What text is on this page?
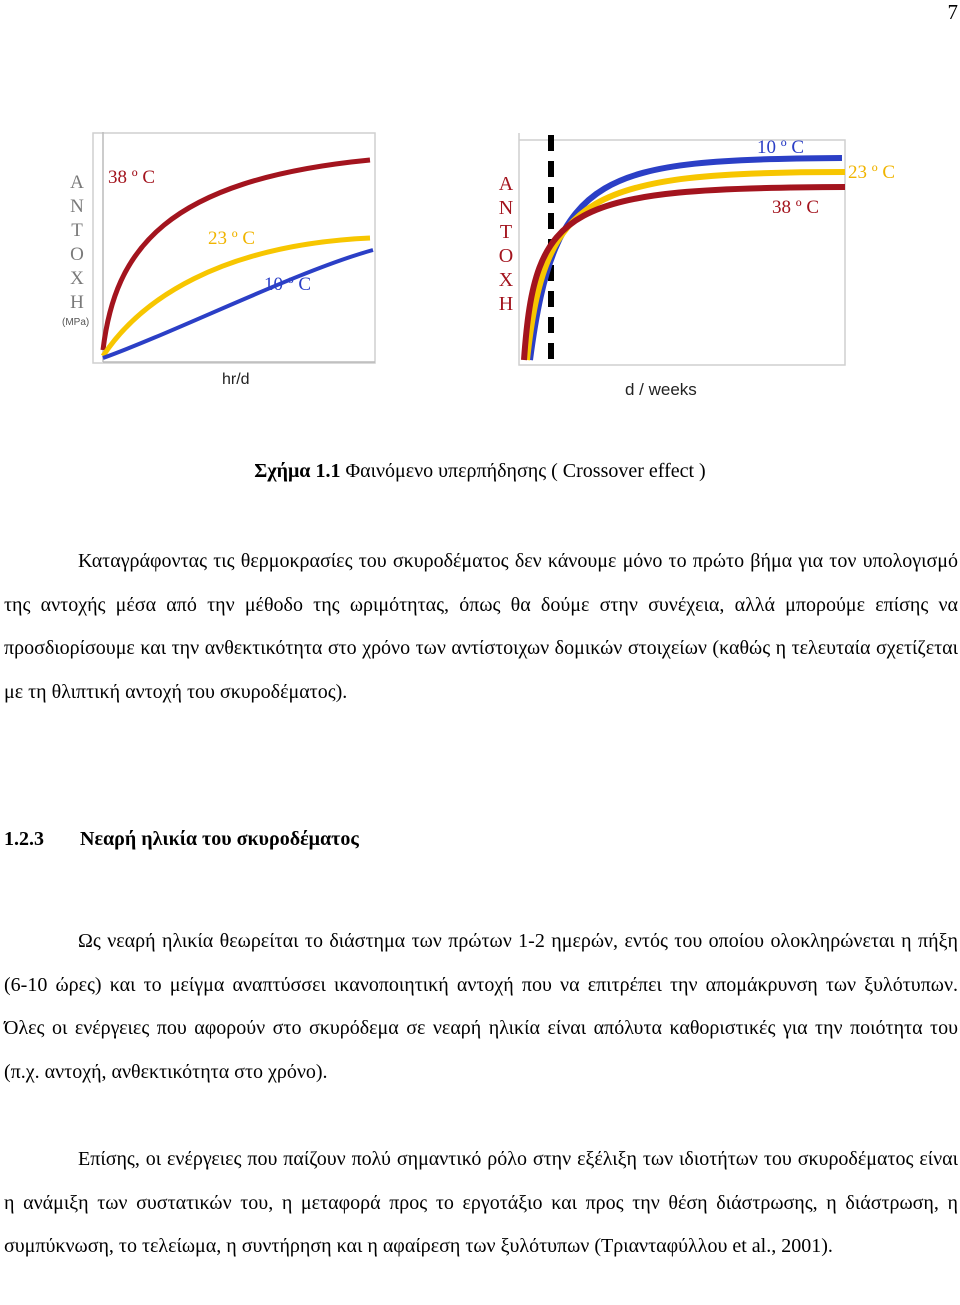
7
Α
Ν
Τ
Ο
Χ
Η
(MPa)
hr/d
38 º C
23 º C
10 º C
Α
Ν
Τ
Ο
Χ
Η
d / weeks
10 º C
23 º C
38 º C
Σχήμα 1.1 Φαινόμενο υπερπήδησης ( Crossover effect )

Καταγράφοντας τις θερμοκρασίες του σκυροδέματος δεν κάνουμε μόνο το πρώτο βήμα για τον υπολογισμό της αντοχής μέσα από την μέθοδο της ωριμότητας, όπως θα δούμε στην συνέχεια, αλλά μπορούμε επίσης να προσδιορίσουμε και την ανθεκτικότητα στο χρόνο των αντίστοιχων δομικών στοιχείων (καθώς η τελευταία σχετίζεται με τη θλιπτική αντοχή του σκυροδέματος).

1.2.3 Νεαρή ηλικία του σκυροδέματος

Ως νεαρή ηλικία θεωρείται το διάστημα των πρώτων 1-2 ημερών, εντός του οποίου ολοκληρώνεται η πήξη (6-10 ώρες) και το μείγμα αναπτύσσει ικανοποιητική αντοχή που να επιτρέπει την απομάκρυνση των ξυλότυπων. Όλες οι ενέργειες που αφορούν στο σκυρόδεμα σε νεαρή ηλικία είναι απόλυτα καθοριστικές για την ποιότητα του (π.χ. αντοχή, ανθεκτικότητα στο χρόνο).

Επίσης, οι ενέργειες που παίζουν πολύ σημαντικό ρόλο στην εξέλιξη των ιδιοτήτων του σκυροδέματος είναι η ανάμιξη των συστατικών του, η μεταφορά προς το εργοτάξιο και προς την θέση διάστρωσης, η διάστρωση, η συμπύκνωση, το τελείωμα, η συντήρηση και η αφαίρεση των ξυλότυπων (Τριανταφύλλου et al., 2001).
